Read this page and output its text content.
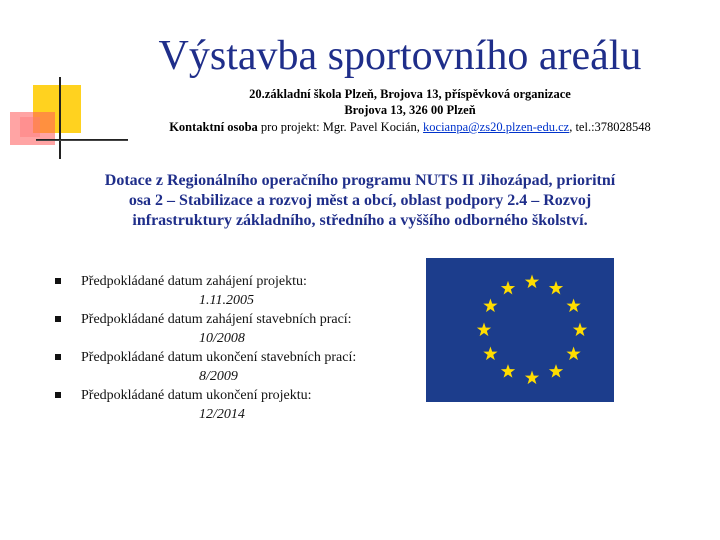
Výstavba sportovního areálu
20.základní škola Plzeň, Brojova 13, příspěvková organizace
Brojova 13, 326 00 Plzeň
Kontaktní osoba pro projekt: Mgr. Pavel Kocián, kocianpa@zs20.plzen-edu.cz, tel.:378028548
Dotace z Regionálního operačního programu NUTS II Jihozápad, prioritní
osa 2 – Stabilizace a rozvoj měst a obcí, oblast podpory 2.4 – Rozvoj
infrastruktury základního, středního a vyššího odborného školství.
Předpokládané datum zahájení projektu:
1.11.2005
Předpokládané datum zahájení stavebních prací:
10/2008
Předpokládané datum ukončení stavebních prací:
8/2009
Předpokládané datum ukončení projektu:
12/2014
